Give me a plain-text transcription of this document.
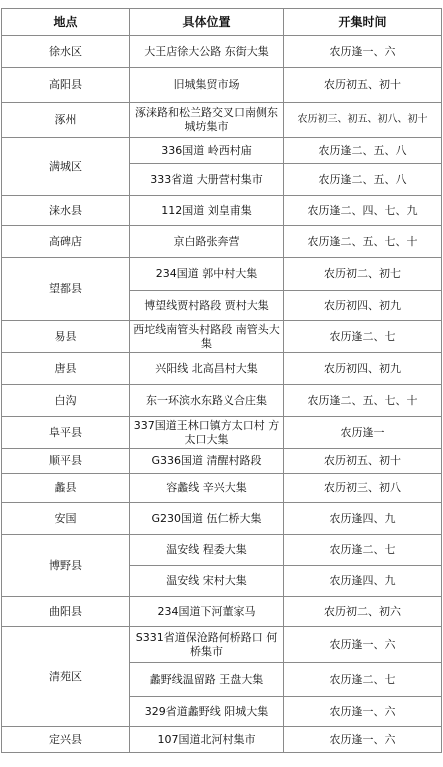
地点	具体位置	开集时间
徐水区	大王店徐大公路 东街大集	农历逢一、六
高阳县	旧城集贸市场	农历初五、初十
涿州	涿涞路和松兰路交叉口南侧东城坊集市	农历初三、初五、初八、初十
满城区	336国道 岭西村庙	农历逢二、五、八
	333省道 大册营村集市	农历逢二、五、八
涞水县	112国道 刘皇甫集	农历逢二、四、七、九
高碑店	京白路张奔营	农历逢二、五、七、十
望都县	234国道 郭中村大集	农历初二、初七
	博望线贾村路段 贾村大集	农历初四、初九
易县	西坨线南管头村路段 南管头大集	农历逢二、七
唐县	兴阳线 北高昌村大集	农历初四、初九
白沟	东一环滨水东路义合庄集	农历逢二、五、七、十
阜平县	337国道王林口镇方太口村 方太口大集	农历逢一
顺平县	G336国道 清醒村路段	农历初五、初十
蠡县	容蠡线 辛兴大集	农历初三、初八
安国	G230国道 伍仁桥大集	农历逢四、九
博野县	温安线 程委大集	农历逢二、七
	温安线 宋村大集	农历逢四、九
曲阳县	234国道下河董家马	农历初二、初六
清苑区	S331省道保沧路何桥路口 何桥集市	农历逢一、六
	蠡野线温留路 王盘大集	农历逢二、七
	329省道蠡野线 阳城大集	农历逢一、六
定兴县	107国道北河村集市	农历逢一、六
